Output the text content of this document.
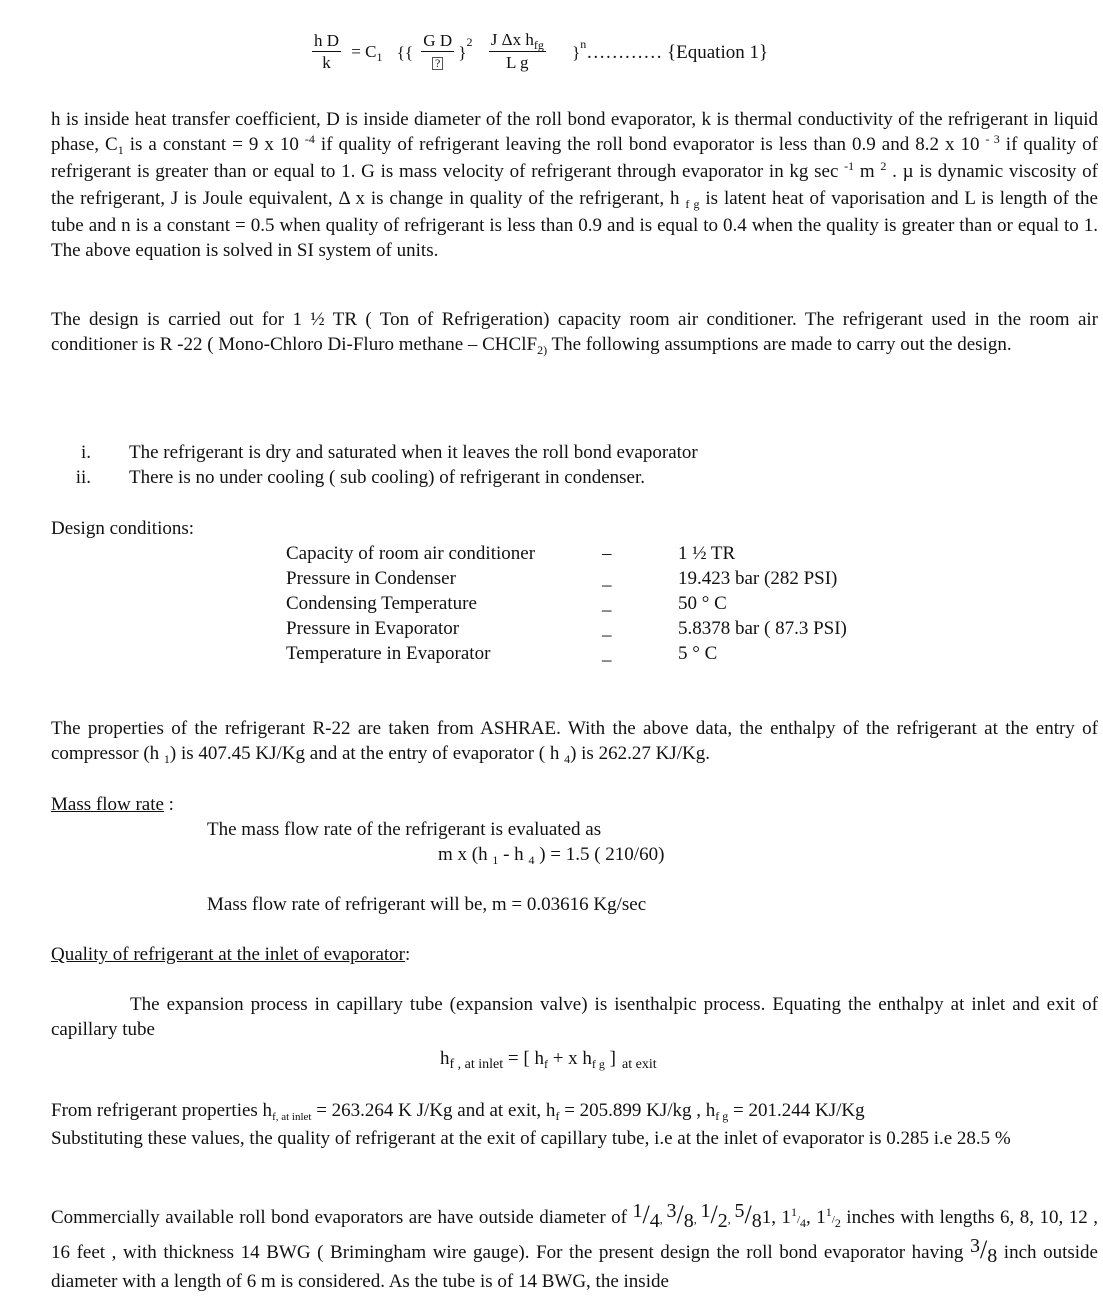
$\frac{\text{h D}}{k} = C_1$ {{ $\frac{\text{G D}}{?} \}2 \frac{J \Delta x h_{fg}}{\text{L g}}$ }n………… {Equation 1}

h is inside heat transfer coefficient, D is inside diameter of the roll bond evaporator, k is thermal conductivity of the refrigerant in liquid phase, $C_1$ is a constant = 9 x 10 $^{-4}$ if quality of refrigerant leaving the roll bond evaporator is less than 0.9 and 8.2 x 10 $^{- 3}$ if quality of refrigerant is greater than or equal to 1. G is mass velocity of refrigerant through evaporator in kg sec $^{-1}$ m $^2$ . µ is dynamic viscosity of the refrigerant, J is Joule equivalent, Δ x is change in quality of the refrigerant, h $_{f g}$ is latent heat of vaporisation and L is length of the tube and n is a constant = 0.5 when quality of refrigerant is less than 0.9 and is equal to 0.4 when the quality is greater than or equal to 1. The above equation is solved in SI system of units.

The design is carried out for 1 ½ TR ( Ton of Refrigeration) capacity room air conditioner. The refrigerant used in the room air conditioner is R -22 ( Mono-Chloro Di-Fluro methane – CHClF$_{2)}$ The following assumptions are made to carry out the design.

i. The refrigerant is dry and saturated when it leaves the roll bond evaporator
ii. There is no under cooling ( sub cooling) of refrigerant in condenser.
Design conditions:
Capacity of room air conditioner	–	1 ½ TR
Pressure in Condenser	_	19.423 bar (282 PSI)
Condensing Temperature	_	50 ° C
Pressure in Evaporator	_	5.8378 bar ( 87.3 PSI)
Temperature in Evaporator	_	5 ° C

The properties of the refrigerant R-22 are taken from ASHRAE. With the above data, the enthalpy of the refrigerant at the entry of compressor (h $_1$) is 407.45 KJ/Kg and at the entry of evaporator ( h $_4$) is 262.27 KJ/Kg.

Mass flow rate :
The mass flow rate of the refrigerant is evaluated as
m x (h $_1$ - h $_4$ ) = 1.5 ( 210/60)
Mass flow rate of refrigerant will be, m = 0.03616 Kg/sec
Quality of refrigerant at the inlet of evaporator:

The expansion process in capillary tube (expansion valve) is isenthalpic process. Equating the enthalpy at inlet and exit of capillary tube

$h_{f , at inlet}$ = [ $h_f + x$ $h_{f g}$ ] $_{at exit}$

From refrigerant properties $h_{f, at inlet} = 263.264$ K J/Kg and at exit, $h_f = 205.899$ KJ/kg , $h_{f g} = 201.244$ KJ/Kg

Substituting these values, the quality of refrigerant at the exit of capillary tube, i.e at the inlet of evaporator is 0.285 i.e 28.5 %

Commercially available roll bond evaporators are have outside diameter of $^1$/4, $^3$/8, $^1$/2, $^5$/81, 11/4, 11/2 inches with lengths 6, 8, 10, 12 , 16 feet , with thickness 14 BWG ( Brimingham wire gauge). For the present design the roll bond evaporator having $^3$/8 inch outside diameter with a length of 6 m is considered. As the tube is of 14 BWG, the inside
